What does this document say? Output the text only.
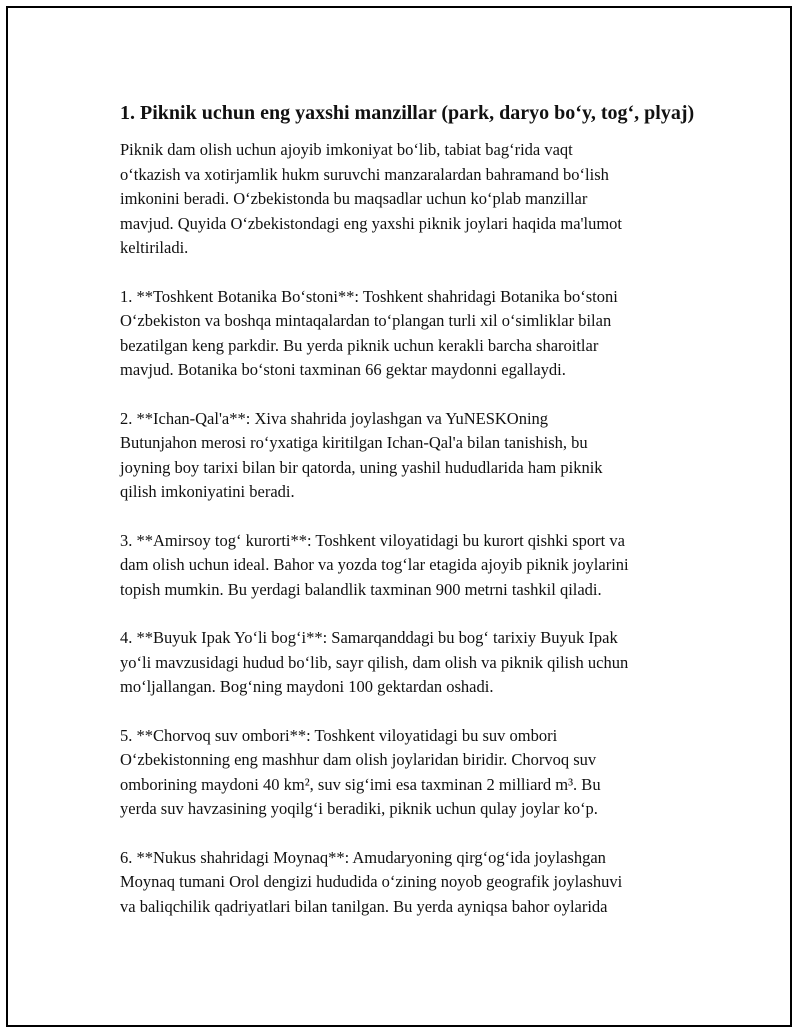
1. Piknik uchun eng yaxshi manzillar (park, daryo bo‘y, tog‘, plyaj)

Piknik dam olish uchun ajoyib imkoniyat bo‘lib, tabiat bag‘rida vaqt
o‘tkazish va xotirjamlik hukm suruvchi manzaralardan bahramand bo‘lish
imkonini beradi. O‘zbekistonda bu maqsadlar uchun ko‘plab manzillar
mavjud. Quyida O‘zbekistondagi eng yaxshi piknik joylari haqida ma'lumot
keltiriladi.

1. **Toshkent Botanika Bo‘stoni**: Toshkent shahridagi Botanika bo‘stoni
O‘zbekiston va boshqa mintaqalardan to‘plangan turli xil o‘simliklar bilan
bezatilgan keng parkdir. Bu yerda piknik uchun kerakli barcha sharoitlar
mavjud. Botanika bo‘stoni taxminan 66 gektar maydonni egallaydi.

2. **Ichan-Qal'a**: Xiva shahrida joylashgan va YuNESKOning
Butunjahon merosi ro‘yxatiga kiritilgan Ichan-Qal'a bilan tanishish, bu
joyning boy tarixi bilan bir qatorda, uning yashil hududlarida ham piknik
qilish imkoniyatini beradi.

3. **Amirsoy tog‘ kurorti**: Toshkent viloyatidagi bu kurort qishki sport va
dam olish uchun ideal. Bahor va yozda tog‘lar etagida ajoyib piknik joylarini
topish mumkin. Bu yerdagi balandlik taxminan 900 metrni tashkil qiladi.

4. **Buyuk Ipak Yo‘li bog‘i**: Samarqanddagi bu bog‘ tarixiy Buyuk Ipak
yo‘li mavzusidagi hudud bo‘lib, sayr qilish, dam olish va piknik qilish uchun
mo‘ljallangan. Bog‘ning maydoni 100 gektardan oshadi.

5. **Chorvoq suv ombori**: Toshkent viloyatidagi bu suv ombori
O‘zbekistonning eng mashhur dam olish joylaridan biridir. Chorvoq suv
omborining maydoni 40 km², suv sig‘imi esa taxminan 2 milliard m³. Bu
yerda suv havzasining yoqilg‘i beradiki, piknik uchun qulay joylar ko‘p.

6. **Nukus shahridagi Moynaq**: Amudaryoning qirg‘og‘ida joylashgan
Moynaq tumani Orol dengizi hududida o‘zining noyob geografik joylashuvi
va baliqchilik qadriyatlari bilan tanilgan. Bu yerda ayniqsa bahor oylarida
